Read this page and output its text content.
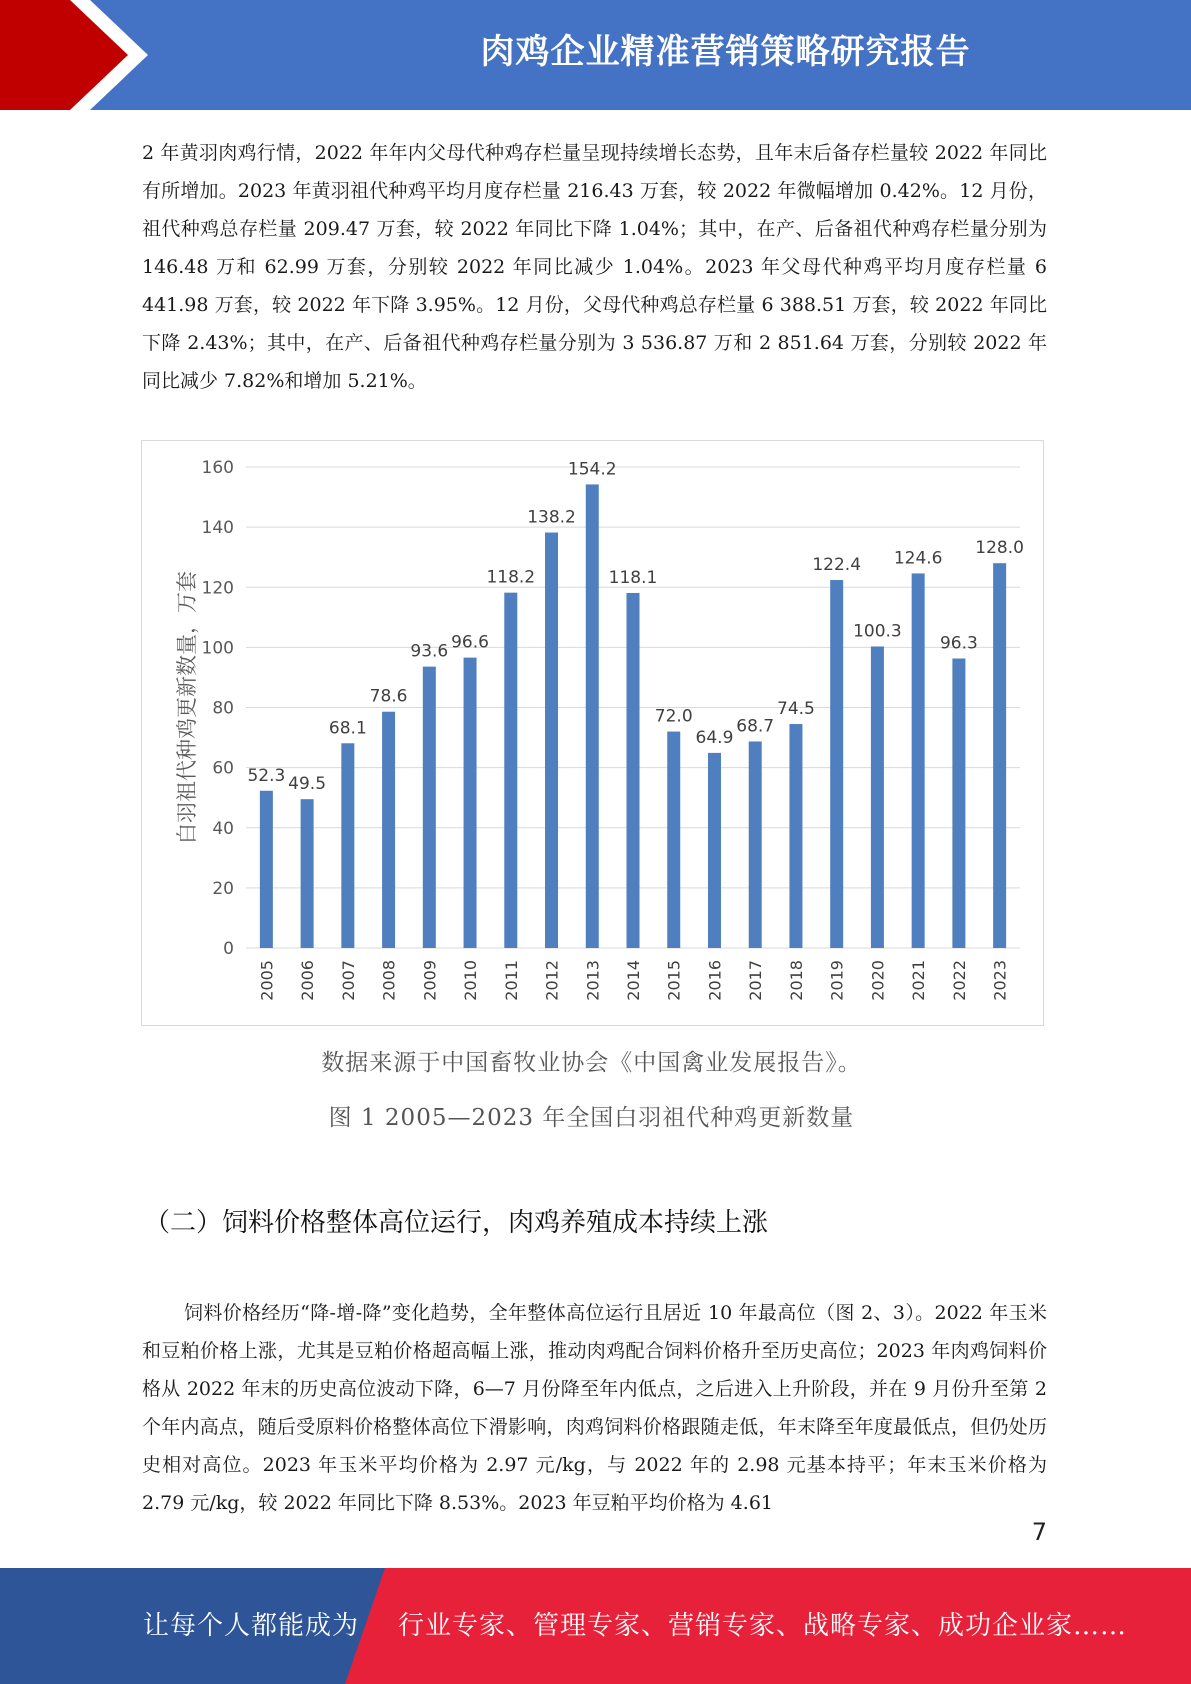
肉鸡企业精准营销策略研究报告

2 年黄羽肉鸡行情，2022 年年内父母代种鸡存栏量呈现持续增长态势，且年末后备存栏量较 2022 年同比有所增加。2023 年黄羽祖代种鸡平均月度存栏量 216.43 万套，较 2022 年微幅增加 0.42%。12 月份，祖代种鸡总存栏量 209.47 万套，较 2022 年同比下降 1.04%；其中，在产、后备祖代种鸡存栏量分别为 146.48 万和 62.99 万套，分别较 2022 年同比减少 1.04%。2023 年父母代种鸡平均月度存栏量 6 441.98 万套，较 2022 年下降 3.95%。12 月份，父母代种鸡总存栏量 6 388.51 万套，较 2022 年同比下降 2.43%；其中，在产、后备祖代种鸡存栏量分别为 3 536.87 万和 2 851.64 万套，分别较 2022 年同比减少 7.82%和增加 5.21%。

0
20
40
60
80
100
120
140
160
白羽祖代种鸡更新数量，万套	52.3
2005
49.5
2006
68.1
2007
78.6
2008
93.6
2009
96.6
2010
118.2
2011
138.2
2012
154.2
2013
118.1
2014
72.0
2015
64.9
2016
68.7
2017
74.5
2018
122.4
2019
100.3
2020
124.6
2021
96.3
2022
128.0
2023
数据来源于中国畜牧业协会《中国禽业发展报告》。
图 1 2005—2023 年全国白羽祖代种鸡更新数量
（二）饲料价格整体高位运行，肉鸡养殖成本持续上涨

饲料价格经历“降-增-降”变化趋势，全年整体高位运行且居近 10 年最高位（图 2、3）。2022 年玉米和豆粕价格上涨，尤其是豆粕价格超高幅上涨，推动肉鸡配合饲料价格升至历史高位；2023 年肉鸡饲料价格从 2022 年末的历史高位波动下降，6—7 月份降至年内低点，之后进入上升阶段，并在 9 月份升至第 2 个年内高点，随后受原料价格整体高位下滑影响，肉鸡饲料价格跟随走低，年末降至年度最低点，但仍处历史相对高位。2023 年玉米平均价格为 2.97 元/kg，与 2022 年的 2.98 元基本持平；年末玉米价格为 2.79 元/kg，较 2022 年同比下降 8.53%。2023 年豆粕平均价格为 4.61

7
让每个人都能成为 行业专家、管理专家、营销专家、战略专家、成功企业家……
